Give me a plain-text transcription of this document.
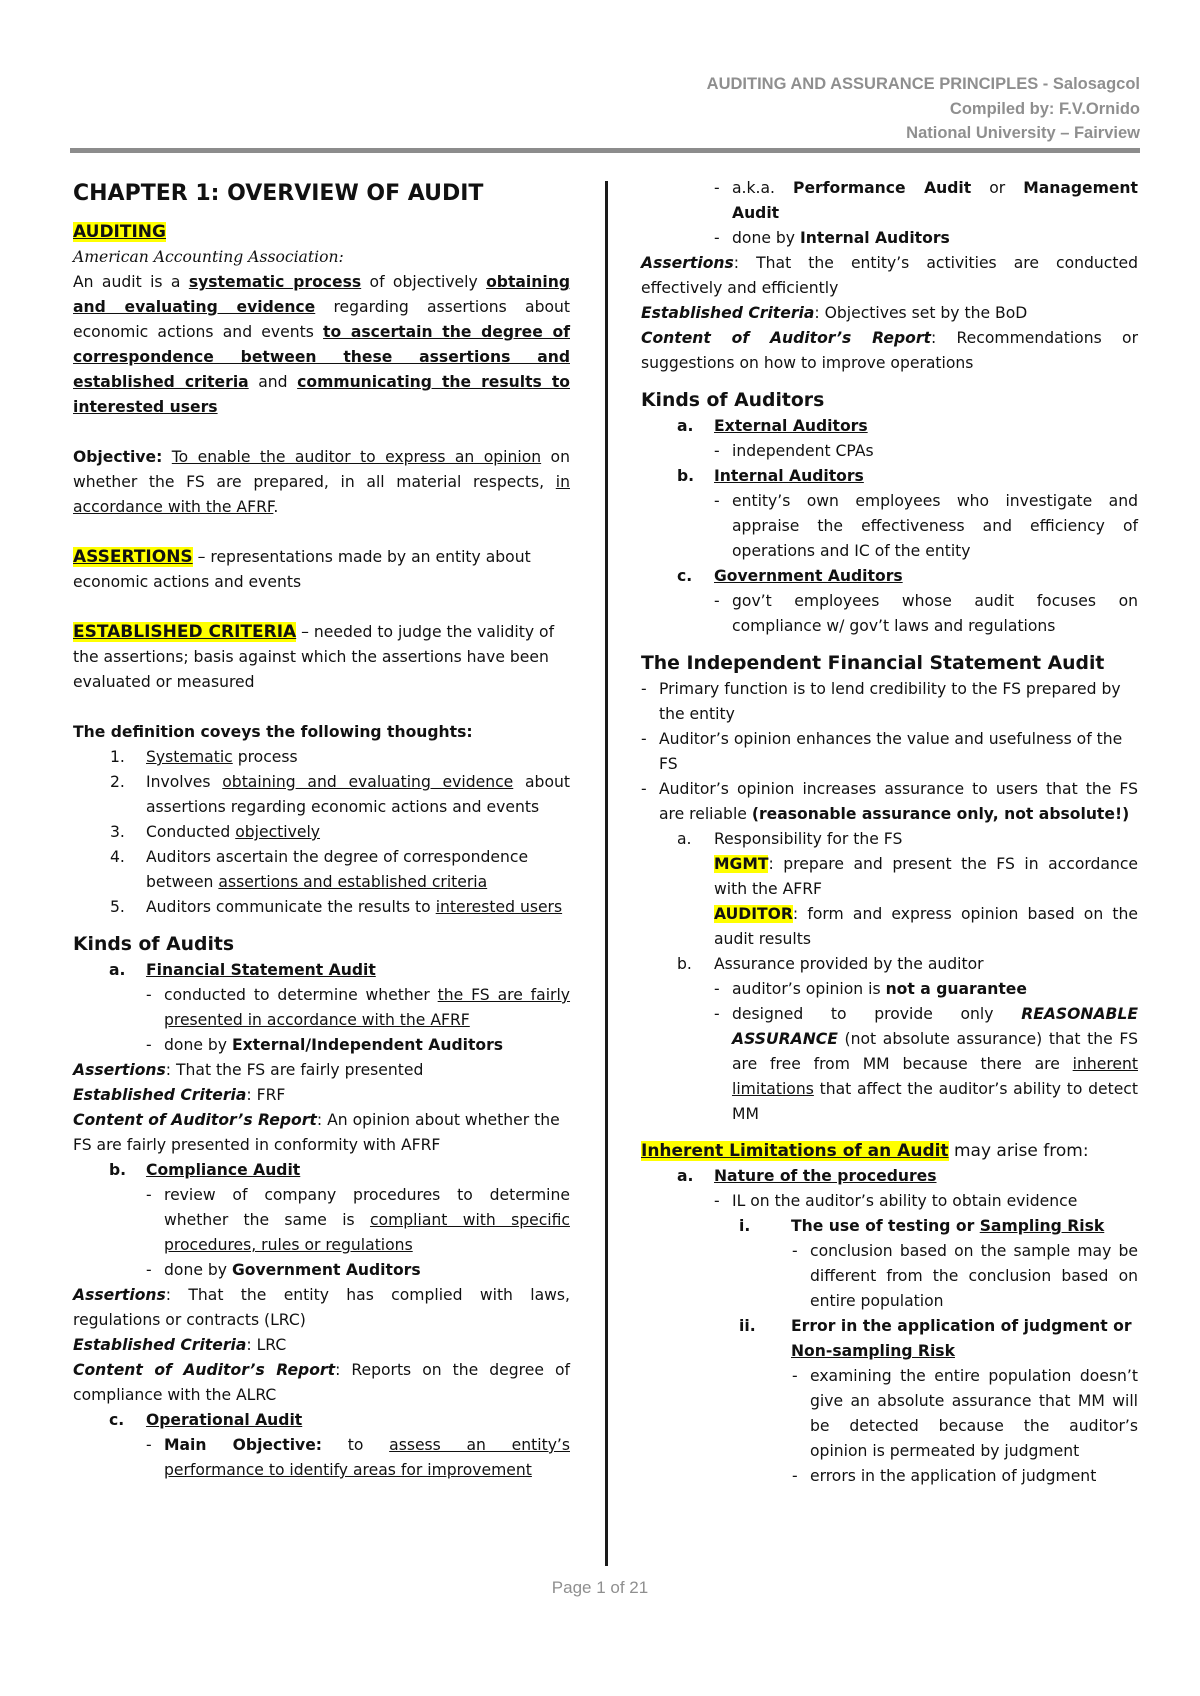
AUDITING AND ASSURANCE PRINCIPLES - Salosagcol
Compiled by: F.V.Ornido
National University – Fairview
CHAPTER 1: OVERVIEW OF AUDIT
AUDITING
American Accounting Association:
An audit is a systematic process of objectively obtaining and evaluating evidence regarding assertions about economic actions and events to ascertain the degree of correspondence between these assertions and established criteria and communicating the results to interested users
Objective: To enable the auditor to express an opinion on whether the FS are prepared, in all material respects, in accordance with the AFRF.
ASSERTIONS – representations made by an entity about economic actions and events
ESTABLISHED CRITERIA – needed to judge the validity of the assertions; basis against which the assertions have been evaluated or measured
The definition coveys the following thoughts:
1. Systematic process
2. Involves obtaining and evaluating evidence about assertions regarding economic actions and events
3. Conducted objectively
4. Auditors ascertain the degree of correspondence between assertions and established criteria
5. Auditors communicate the results to interested users
Kinds of Audits
a. Financial Statement Audit
- conducted to determine whether the FS are fairly presented in accordance with the AFRF
- done by External/Independent Auditors
Assertions: That the FS are fairly presented
Established Criteria: FRF
Content of Auditor’s Report: An opinion about whether the FS are fairly presented in conformity with AFRF
b. Compliance Audit
- review of company procedures to determine whether the same is compliant with specific procedures, rules or regulations
- done by Government Auditors
Assertions: That the entity has complied with laws, regulations or contracts (LRC)
Established Criteria: LRC
Content of Auditor’s Report: Reports on the degree of compliance with the ALRC
c. Operational Audit
- Main Objective: to assess an entity’s performance to identify areas for improvement
- a.k.a. Performance Audit or Management Audit
- done by Internal Auditors
Assertions: That the entity’s activities are conducted effectively and efficiently
Established Criteria: Objectives set by the BoD
Content of Auditor’s Report: Recommendations or suggestions on how to improve operations
Kinds of Auditors
a. External Auditors
- independent CPAs
b. Internal Auditors
- entity’s own employees who investigate and appraise the effectiveness and efficiency of operations and IC of the entity
c. Government Auditors
- gov’t employees whose audit focuses on compliance w/ gov’t laws and regulations
The Independent Financial Statement Audit
- Primary function is to lend credibility to the FS prepared by the entity
- Auditor’s opinion enhances the value and usefulness of the FS
- Auditor’s opinion increases assurance to users that the FS are reliable (reasonable assurance only, not absolute!)
a. Responsibility for the FS
MGMT: prepare and present the FS in accordance with the AFRF
AUDITOR: form and express opinion based on the audit results
b. Assurance provided by the auditor
- auditor’s opinion is not a guarantee
- designed to provide only REASONABLE ASSURANCE (not absolute assurance) that the FS are free from MM because there are inherent limitations that affect the auditor’s ability to detect MM
Inherent Limitations of an Audit may arise from:
a. Nature of the procedures
- IL on the auditor’s ability to obtain evidence
i.	The use of testing or Sampling Risk
- conclusion based on the sample may be different from the conclusion based on entire population
ii. Error in the application of judgment or Non-sampling Risk
- examining the entire population doesn’t give an absolute assurance that MM will be detected because the auditor’s opinion is permeated by judgment
- errors in the application of judgment
Page 1 of 21
